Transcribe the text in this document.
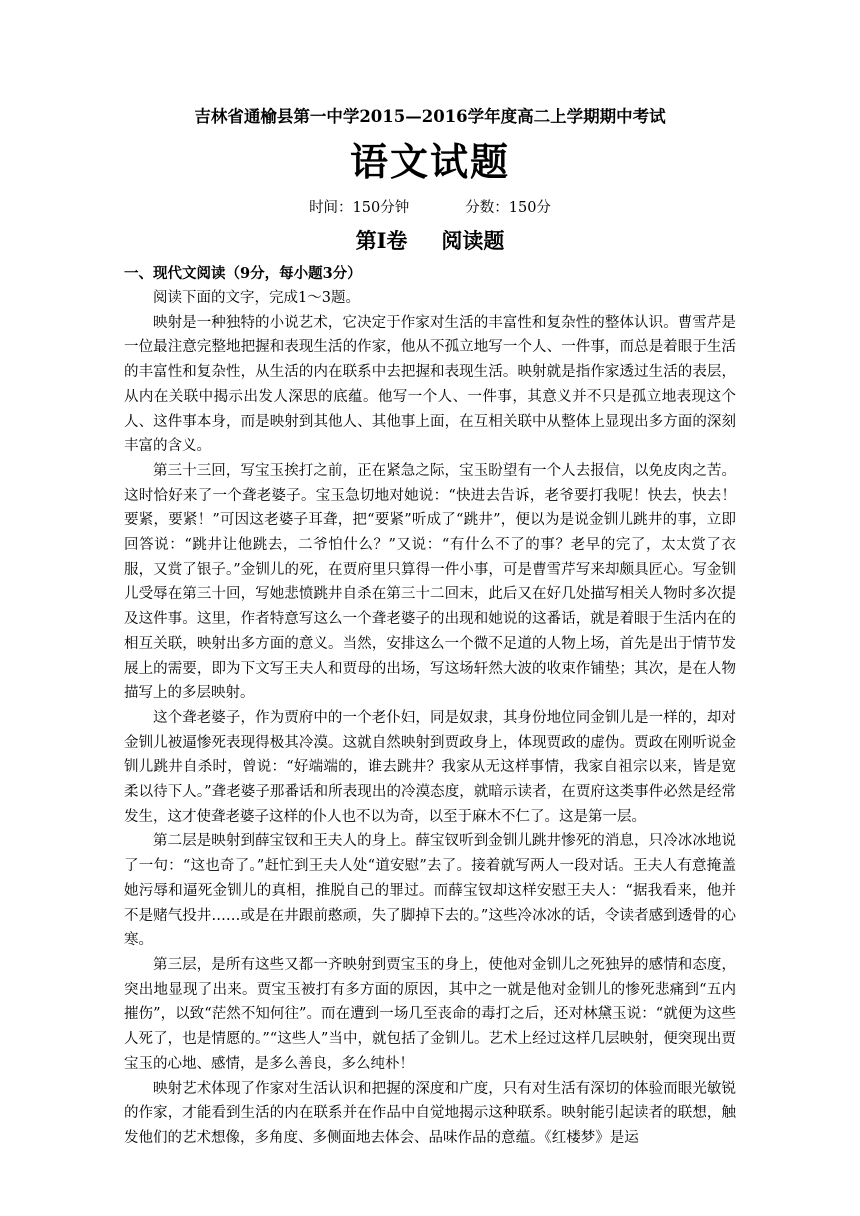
吉林省通榆县第一中学2015—2016学年度高二上学期期中考试
语文试题
时间：150分钟	分数：150分
第Ⅰ卷 阅读题
一、现代文阅读（9分，每小题3分）

阅读下面的文字，完成1～3题。

映射是一种独特的小说艺术，它决定于作家对生活的丰富性和复杂性的整体认识。曹雪芹是一位最注意完整地把握和表现生活的作家，他从不孤立地写一个人、一件事，而总是着眼于生活的丰富性和复杂性，从生活的内在联系中去把握和表现生活。映射就是指作家透过生活的表层，从内在关联中揭示出发人深思的底蕴。他写一个人、一件事，其意义并不只是孤立地表现这个人、这件事本身，而是映射到其他人、其他事上面，在互相关联中从整体上显现出多方面的深刻丰富的含义。

第三十三回，写宝玉挨打之前，正在紧急之际，宝玉盼望有一个人去报信，以免皮肉之苦。这时恰好来了一个聋老婆子。宝玉急切地对她说：“快进去告诉，老爷要打我呢！快去，快去！要紧，要紧！”可因这老婆子耳聋，把“要紧”听成了“跳井”，便以为是说金钏儿跳井的事，立即回答说：“跳井让他跳去，二爷怕什么？”又说：“有什么不了的事？老早的完了，太太赏了衣服，又赏了银子。”金钏儿的死，在贾府里只算得一件小事，可是曹雪芹写来却颇具匠心。写金钏儿受辱在第三十回，写她悲愤跳井自杀在第三十二回末，此后又在好几处描写相关人物时多次提及这件事。这里，作者特意写这么一个聋老婆子的出现和她说的这番话，就是着眼于生活内在的相互关联，映射出多方面的意义。当然，安排这么一个微不足道的人物上场，首先是出于情节发展上的需要，即为下文写王夫人和贾母的出场，写这场轩然大波的收束作铺垫；其次，是在人物描写上的多层映射。

这个聋老婆子，作为贾府中的一个老仆妇，同是奴隶，其身份地位同金钏儿是一样的，却对金钏儿被逼惨死表现得极其冷漠。这就自然映射到贾政身上，体现贾政的虚伪。贾政在刚听说金钏儿跳井自杀时，曾说：“好端端的，谁去跳井？我家从无这样事情，我家自祖宗以来，皆是宽柔以待下人。”聋老婆子那番话和所表现出的冷漠态度，就暗示读者，在贾府这类事件必然是经常发生，这才使聋老婆子这样的仆人也不以为奇，以至于麻木不仁了。这是第一层。

第二层是映射到薛宝钗和王夫人的身上。薛宝钗听到金钏儿跳井惨死的消息，只冷冰冰地说了一句：“这也奇了。”赶忙到王夫人处“道安慰”去了。接着就写两人一段对话。王夫人有意掩盖她污辱和逼死金钏儿的真相，推脱自己的罪过。而薛宝钗却这样安慰王夫人：“据我看来，他并不是赌气投井……或是在井跟前憨顽，失了脚掉下去的。”这些冷冰冰的话，令读者感到透骨的心寒。

第三层，是所有这些又都一齐映射到贾宝玉的身上，使他对金钏儿之死独异的感情和态度，突出地显现了出来。贾宝玉被打有多方面的原因，其中之一就是他对金钏儿的惨死悲痛到“五内摧伤”，以致“茫然不知何往”。而在遭到一场几至丧命的毒打之后，还对林黛玉说：“就便为这些人死了，也是情愿的。”“这些人”当中，就包括了金钏儿。艺术上经过这样几层映射，便突现出贾宝玉的心地、感情，是多么善良，多么纯朴！

映射艺术体现了作家对生活认识和把握的深度和广度，只有对生活有深切的体验而眼光敏锐的作家，才能看到生活的内在联系并在作品中自觉地揭示这种联系。映射能引起读者的联想，触发他们的艺术想像，多角度、多侧面地去体会、品味作品的意蕴。《红楼梦》是运
